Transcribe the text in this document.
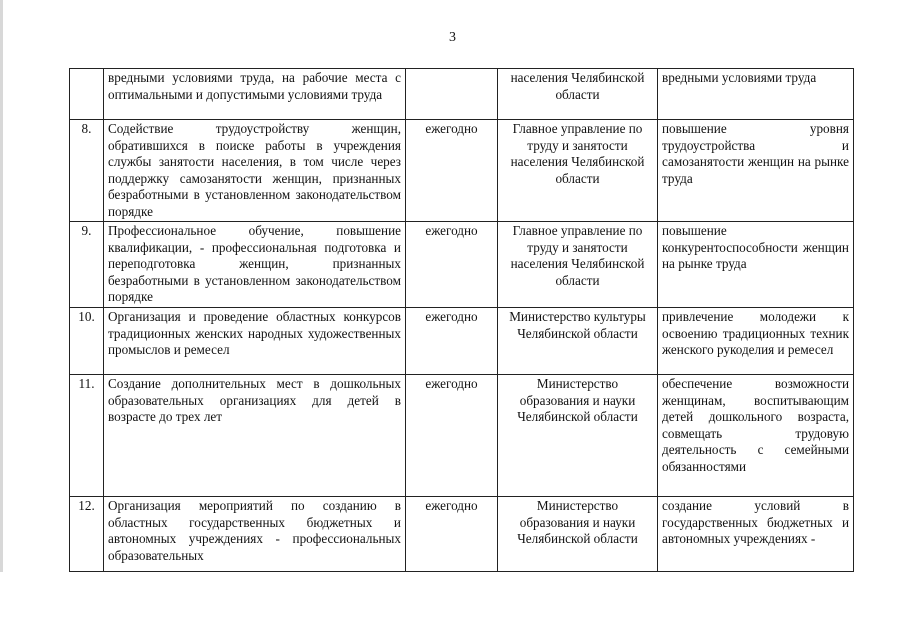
3
	вредными условиями труда, на рабочие места с оптимальными и допустимыми условиями труда		населения Челябинской области	вредными условиями труда
8.	Содействие трудоустройству женщин, обратившихся в поиске работы в учреждения службы занятости населения, в том числе через поддержку самозанятости женщин, признанных безработными в установленном законодательством порядке	ежегодно	Главное управление по труду и занятости населения Челябинской области	повышение уровня трудоустройства и самозанятости женщин на рынке труда
9.	Профессиональное обучение, повышение квалификации, - профессиональная подготовка и переподготовка женщин, признанных безработными в установленном законодательством порядке	ежегодно	Главное управление по труду и занятости населения Челябинской области	повышение конкурентоспособности женщин на рынке труда
10.	Организация и проведение областных конкурсов традиционных женских народных художественных промыслов и ремесел	ежегодно	Министерство культуры Челябинской области	привлечение молодежи к освоению традиционных техник женского рукоделия и ремесел
11.	Создание дополнительных мест в дошкольных образовательных организациях для детей в возрасте до трех лет	ежегодно	Министерство образования и науки Челябинской области	обеспечение возможности женщинам, воспитывающим детей дошкольного возраста, совмещать трудовую деятельность с семейными обязанностями
12.	Организация мероприятий по созданию в областных государственных бюджетных и автономных учреждениях - профессиональных образовательных	ежегодно	Министерство образования и науки Челябинской области	создание условий в государственных бюджетных и автономных учреждениях -
